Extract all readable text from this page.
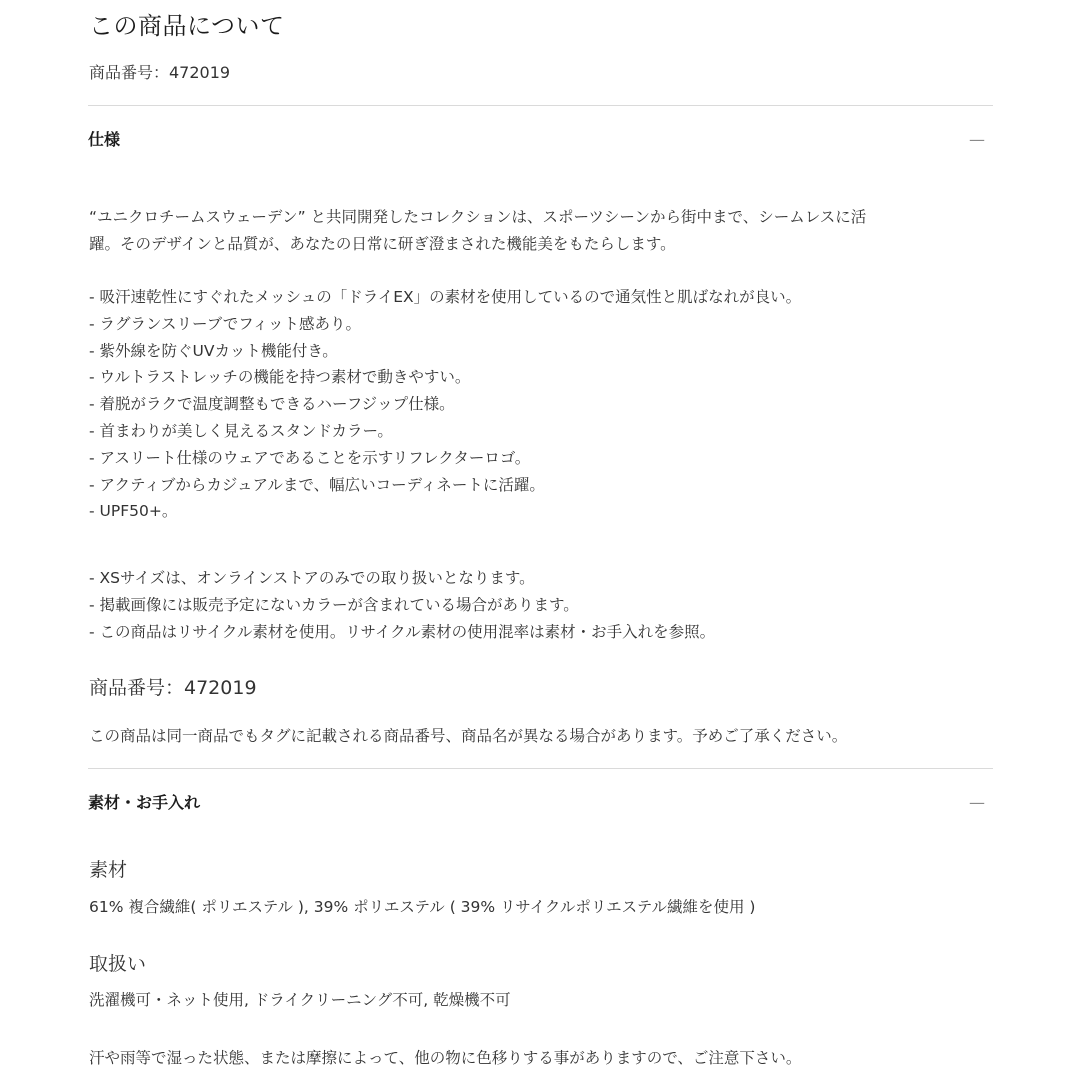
この商品について
商品番号：472019
仕様	—
“ユニクロチームスウェーデン” と共同開発したコレクションは、スポーツシーンから街中まで、シームレスに活
躍。そのデザインと品質が、あなたの日常に研ぎ澄まされた機能美をもたらします。
- 吸汗速乾性にすぐれたメッシュの「ドライEX」の素材を使用しているので通気性と肌ばなれが良い。
- ラグランスリーブでフィット感あり。
- 紫外線を防ぐUVカット機能付き。
- ウルトラストレッチの機能を持つ素材で動きやすい。
- 着脱がラクで温度調整もできるハーフジップ仕様。
- 首まわりが美しく見えるスタンドカラー。
- アスリート仕様のウェアであることを示すリフレクターロゴ。
- アクティブからカジュアルまで、幅広いコーディネートに活躍。
- UPF50+。
- XSサイズは、オンラインストアのみでの取り扱いとなります。
- 掲載画像には販売予定にないカラーが含まれている場合があります。
- この商品はリサイクル素材を使用。リサイクル素材の使用混率は素材・お手入れを参照。
商品番号：472019
この商品は同一商品でもタグに記載される商品番号、商品名が異なる場合があります。予めご了承ください。
素材・お手入れ	—
素材
61% 複合繊維( ポリエステル ), 39% ポリエステル ( 39% リサイクルポリエステル繊維を使用 )
取扱い
洗濯機可・ネット使用, ドライクリーニング不可, 乾燥機不可
汗や雨等で湿った状態、または摩擦によって、他の物に色移りする事がありますので、ご注意下さい。
